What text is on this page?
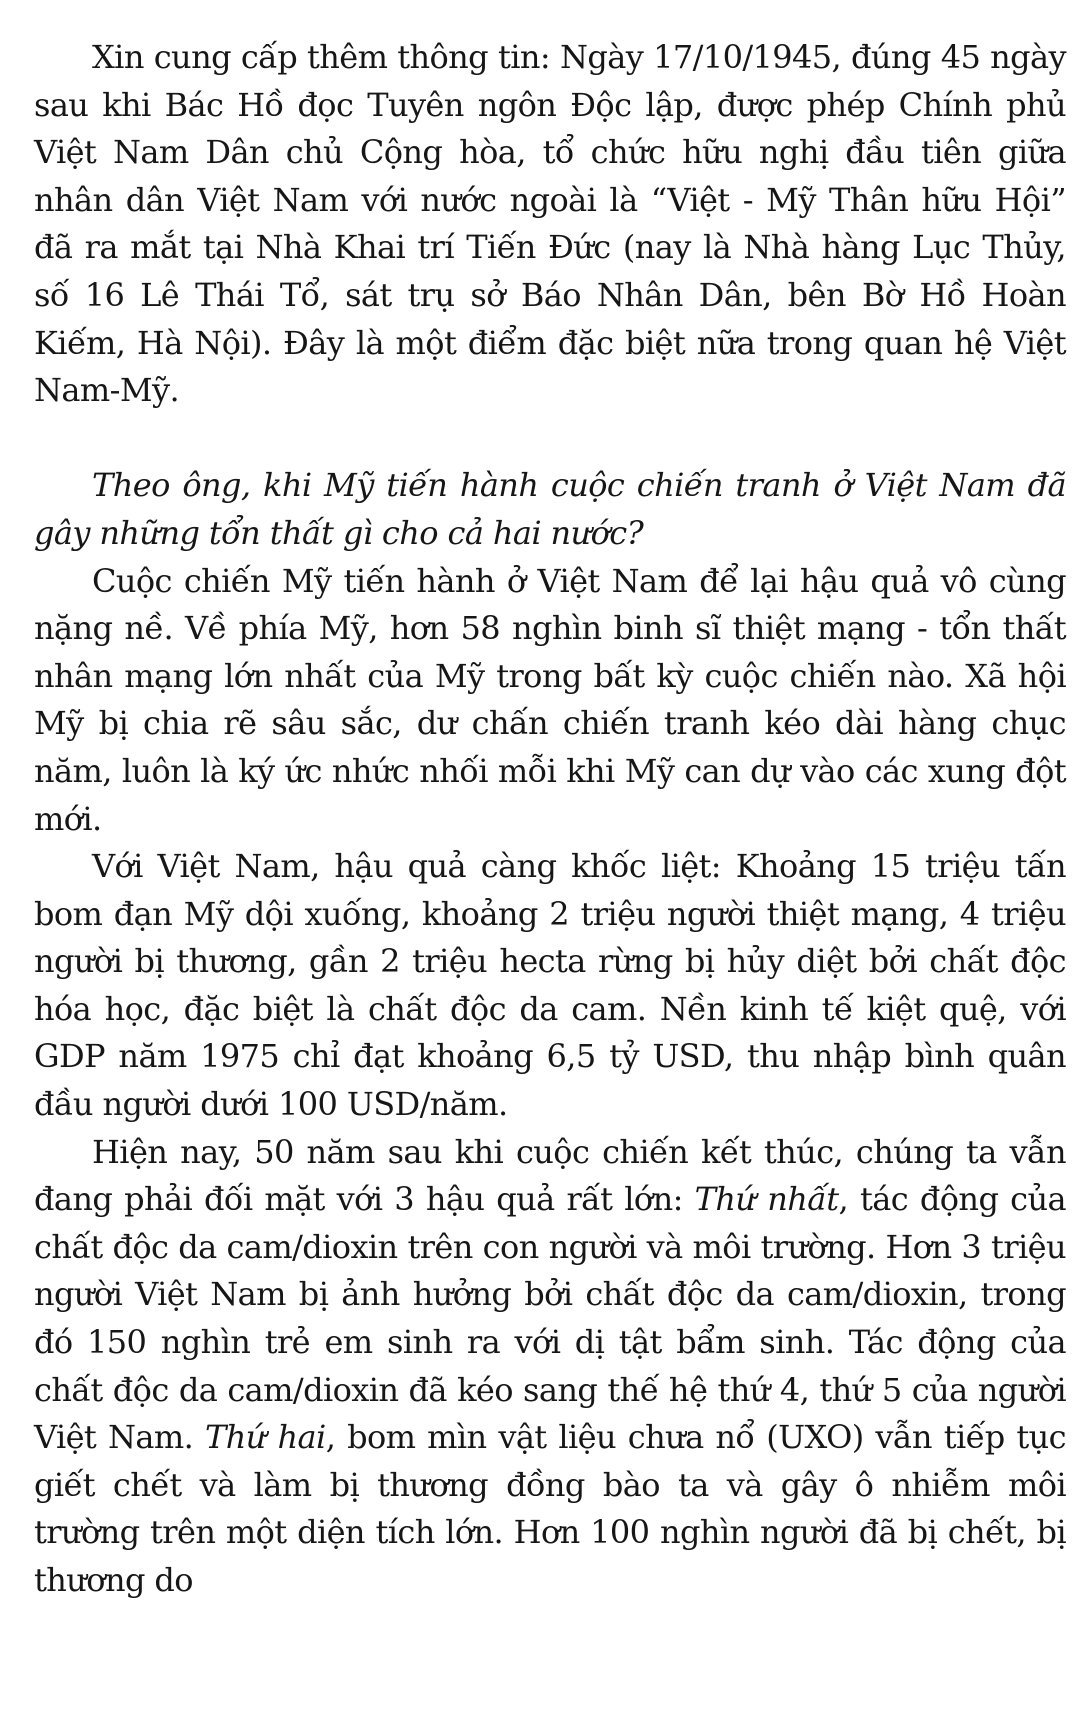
Xin cung cấp thêm thông tin: Ngày 17/10/1945, đúng 45 ngày sau khi Bác Hồ đọc Tuyên ngôn Độc lập, được phép Chính phủ Việt Nam Dân chủ Cộng hòa, tổ chức hữu nghị đầu tiên giữa nhân dân Việt Nam với nước ngoài là “Việt - Mỹ Thân hữu Hội” đã ra mắt tại Nhà Khai trí Tiến Đức (nay là Nhà hàng Lục Thủy, số 16 Lê Thái Tổ, sát trụ sở Báo Nhân Dân, bên Bờ Hồ Hoàn Kiếm, Hà Nội). Đây là một điểm đặc biệt nữa trong quan hệ Việt Nam-Mỹ.

Theo ông, khi Mỹ tiến hành cuộc chiến tranh ở Việt Nam đã gây những tổn thất gì cho cả hai nước?

Cuộc chiến Mỹ tiến hành ở Việt Nam để lại hậu quả vô cùng nặng nề. Về phía Mỹ, hơn 58 nghìn binh sĩ thiệt mạng - tổn thất nhân mạng lớn nhất của Mỹ trong bất kỳ cuộc chiến nào. Xã hội Mỹ bị chia rẽ sâu sắc, dư chấn chiến tranh kéo dài hàng chục năm, luôn là ký ức nhức nhối mỗi khi Mỹ can dự vào các xung đột mới.

Với Việt Nam, hậu quả càng khốc liệt: Khoảng 15 triệu tấn bom đạn Mỹ dội xuống, khoảng 2 triệu người thiệt mạng, 4 triệu người bị thương, gần 2 triệu hecta rừng bị hủy diệt bởi chất độc hóa học, đặc biệt là chất độc da cam. Nền kinh tế kiệt quệ, với GDP năm 1975 chỉ đạt khoảng 6,5 tỷ USD, thu nhập bình quân đầu người dưới 100 USD/năm.

Hiện nay, 50 năm sau khi cuộc chiến kết thúc, chúng ta vẫn đang phải đối mặt với 3 hậu quả rất lớn: Thứ nhất, tác động của chất độc da cam/dioxin trên con người và môi trường. Hơn 3 triệu người Việt Nam bị ảnh hưởng bởi chất độc da cam/dioxin, trong đó 150 nghìn trẻ em sinh ra với dị tật bẩm sinh. Tác động của chất độc da cam/dioxin đã kéo sang thế hệ thứ 4, thứ 5 của người Việt Nam. Thứ hai, bom mìn vật liệu chưa nổ (UXO) vẫn tiếp tục giết chết và làm bị thương đồng bào ta và gây ô nhiễm môi trường trên một diện tích lớn. Hơn 100 nghìn người đã bị chết, bị thương do
